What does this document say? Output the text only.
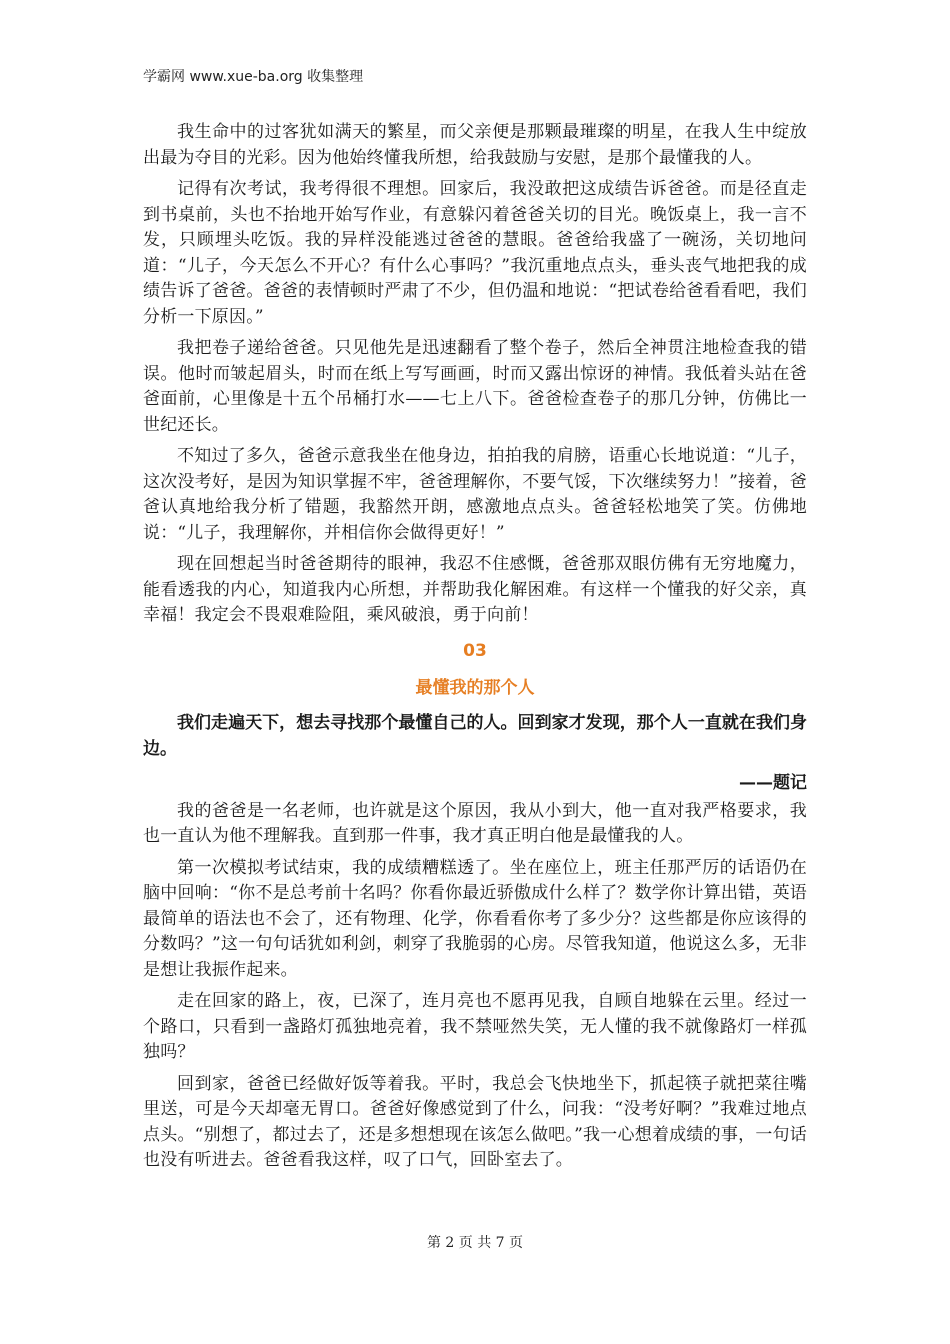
学霸网 www.xue-ba.org 收集整理

我生命中的过客犹如满天的繁星，而父亲便是那颗最璀璨的明星，在我人生中绽放出最为夺目的光彩。因为他始终懂我所想，给我鼓励与安慰，是那个最懂我的人。

记得有次考试，我考得很不理想。回家后，我没敢把这成绩告诉爸爸。而是径直走到书桌前，头也不抬地开始写作业，有意躲闪着爸爸关切的目光。晚饭桌上，我一言不发，只顾埋头吃饭。我的异样没能逃过爸爸的慧眼。爸爸给我盛了一碗汤，关切地问道：“儿子，今天怎么不开心？有什么心事吗？”我沉重地点点头，垂头丧气地把我的成绩告诉了爸爸。爸爸的表情顿时严肃了不少，但仍温和地说：“把试卷给爸看看吧，我们分析一下原因。”

我把卷子递给爸爸。只见他先是迅速翻看了整个卷子，然后全神贯注地检查我的错误。他时而皱起眉头，时而在纸上写写画画，时而又露出惊讶的神情。我低着头站在爸爸面前，心里像是十五个吊桶打水——七上八下。爸爸检查卷子的那几分钟，仿佛比一世纪还长。

不知过了多久，爸爸示意我坐在他身边，拍拍我的肩膀，语重心长地说道：“儿子，这次没考好，是因为知识掌握不牢，爸爸理解你，不要气馁，下次继续努力！”接着，爸爸认真地给我分析了错题，我豁然开朗，感激地点点头。爸爸轻松地笑了笑。仿佛地说：“儿子，我理解你，并相信你会做得更好！”

现在回想起当时爸爸期待的眼神，我忍不住感慨，爸爸那双眼仿佛有无穷地魔力，能看透我的内心，知道我内心所想，并帮助我化解困难。有这样一个懂我的好父亲，真幸福！我定会不畏艰难险阻，乘风破浪，勇于向前！

03
最懂我的那个人

我们走遍天下，想去寻找那个最懂自己的人。回到家才发现，那个人一直就在我们身边。

——题记

我的爸爸是一名老师，也许就是这个原因，我从小到大，他一直对我严格要求，我也一直认为他不理解我。直到那一件事，我才真正明白他是最懂我的人。

第一次模拟考试结束，我的成绩糟糕透了。坐在座位上，班主任那严厉的话语仍在脑中回响：“你不是总考前十名吗？你看你最近骄傲成什么样了？数学你计算出错，英语最简单的语法也不会了，还有物理、化学，你看看你考了多少分？这些都是你应该得的分数吗？”这一句句话犹如利剑，刺穿了我脆弱的心房。尽管我知道，他说这么多，无非是想让我振作起来。

走在回家的路上，夜，已深了，连月亮也不愿再见我，自顾自地躲在云里。经过一个路口，只看到一盏路灯孤独地亮着，我不禁哑然失笑，无人懂的我不就像路灯一样孤独吗？

回到家，爸爸已经做好饭等着我。平时，我总会飞快地坐下，抓起筷子就把菜往嘴里送，可是今天却毫无胃口。爸爸好像感觉到了什么，问我：“没考好啊？”我难过地点点头。“别想了，都过去了，还是多想想现在该怎么做吧。”我一心想着成绩的事，一句话也没有听进去。爸爸看我这样，叹了口气，回卧室去了。

第 2 页 共 7 页
